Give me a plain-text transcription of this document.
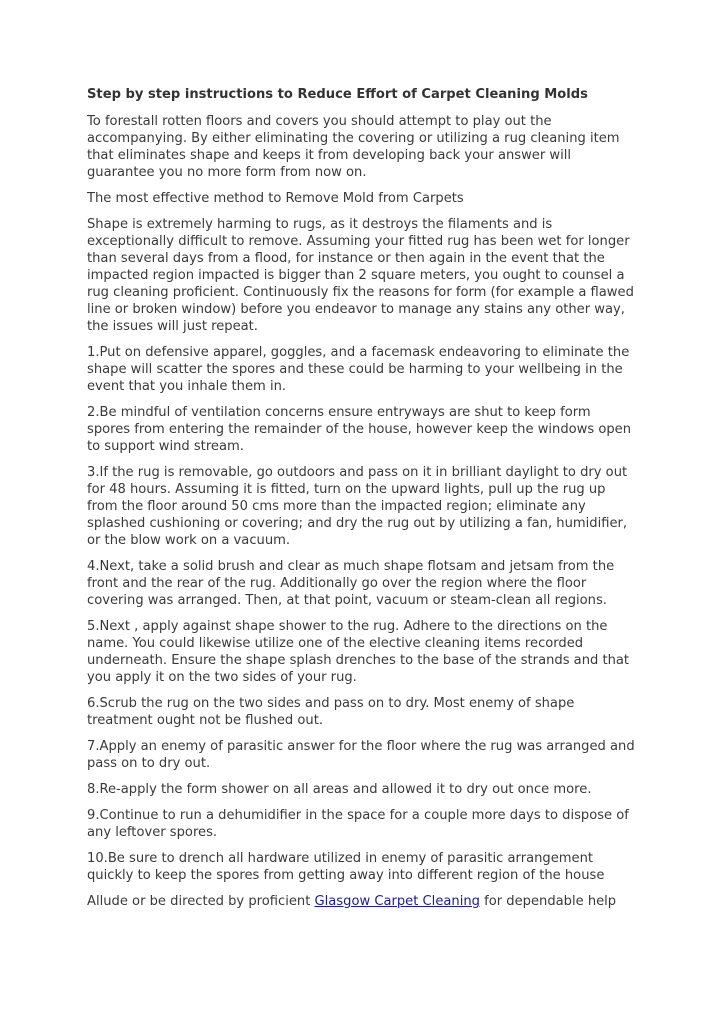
Step by step instructions to Reduce Effort of Carpet Cleaning Molds
To forestall rotten floors and covers you should attempt to play out the accompanying. By either eliminating the covering or utilizing a rug cleaning item that eliminates shape and keeps it from developing back your answer will guarantee you no more form from now on.
The most effective method to Remove Mold from Carpets
Shape is extremely harming to rugs, as it destroys the filaments and is exceptionally difficult to remove. Assuming your fitted rug has been wet for longer than several days from a flood, for instance or then again in the event that the impacted region impacted is bigger than 2 square meters, you ought to counsel a rug cleaning proficient. Continuously fix the reasons for form (for example a flawed line or broken window) before you endeavor to manage any stains any other way, the issues will just repeat.
1.Put on defensive apparel, goggles, and a facemask endeavoring to eliminate the shape will scatter the spores and these could be harming to your wellbeing in the event that you inhale them in.
2.Be mindful of ventilation concerns ensure entryways are shut to keep form spores from entering the remainder of the house, however keep the windows open to support wind stream.
3.If the rug is removable, go outdoors and pass on it in brilliant daylight to dry out for 48 hours. Assuming it is fitted, turn on the upward lights, pull up the rug up from the floor around 50 cms more than the impacted region; eliminate any splashed cushioning or covering; and dry the rug out by utilizing a fan, humidifier, or the blow work on a vacuum.
4.Next, take a solid brush and clear as much shape flotsam and jetsam from the front and the rear of the rug. Additionally go over the region where the floor covering was arranged. Then, at that point, vacuum or steam-clean all regions.
5.Next , apply against shape shower to the rug. Adhere to the directions on the name. You could likewise utilize one of the elective cleaning items recorded underneath. Ensure the shape splash drenches to the base of the strands and that you apply it on the two sides of your rug.
6.Scrub the rug on the two sides and pass on to dry. Most enemy of shape treatment ought not be flushed out.
7.Apply an enemy of parasitic answer for the floor where the rug was arranged and pass on to dry out.
8.Re-apply the form shower on all areas and allowed it to dry out once more.
9.Continue to run a dehumidifier in the space for a couple more days to dispose of any leftover spores.
10.Be sure to drench all hardware utilized in enemy of parasitic arrangement quickly to keep the spores from getting away into different region of the house
Allude or be directed by proficient Glasgow Carpet Cleaning for dependable help
